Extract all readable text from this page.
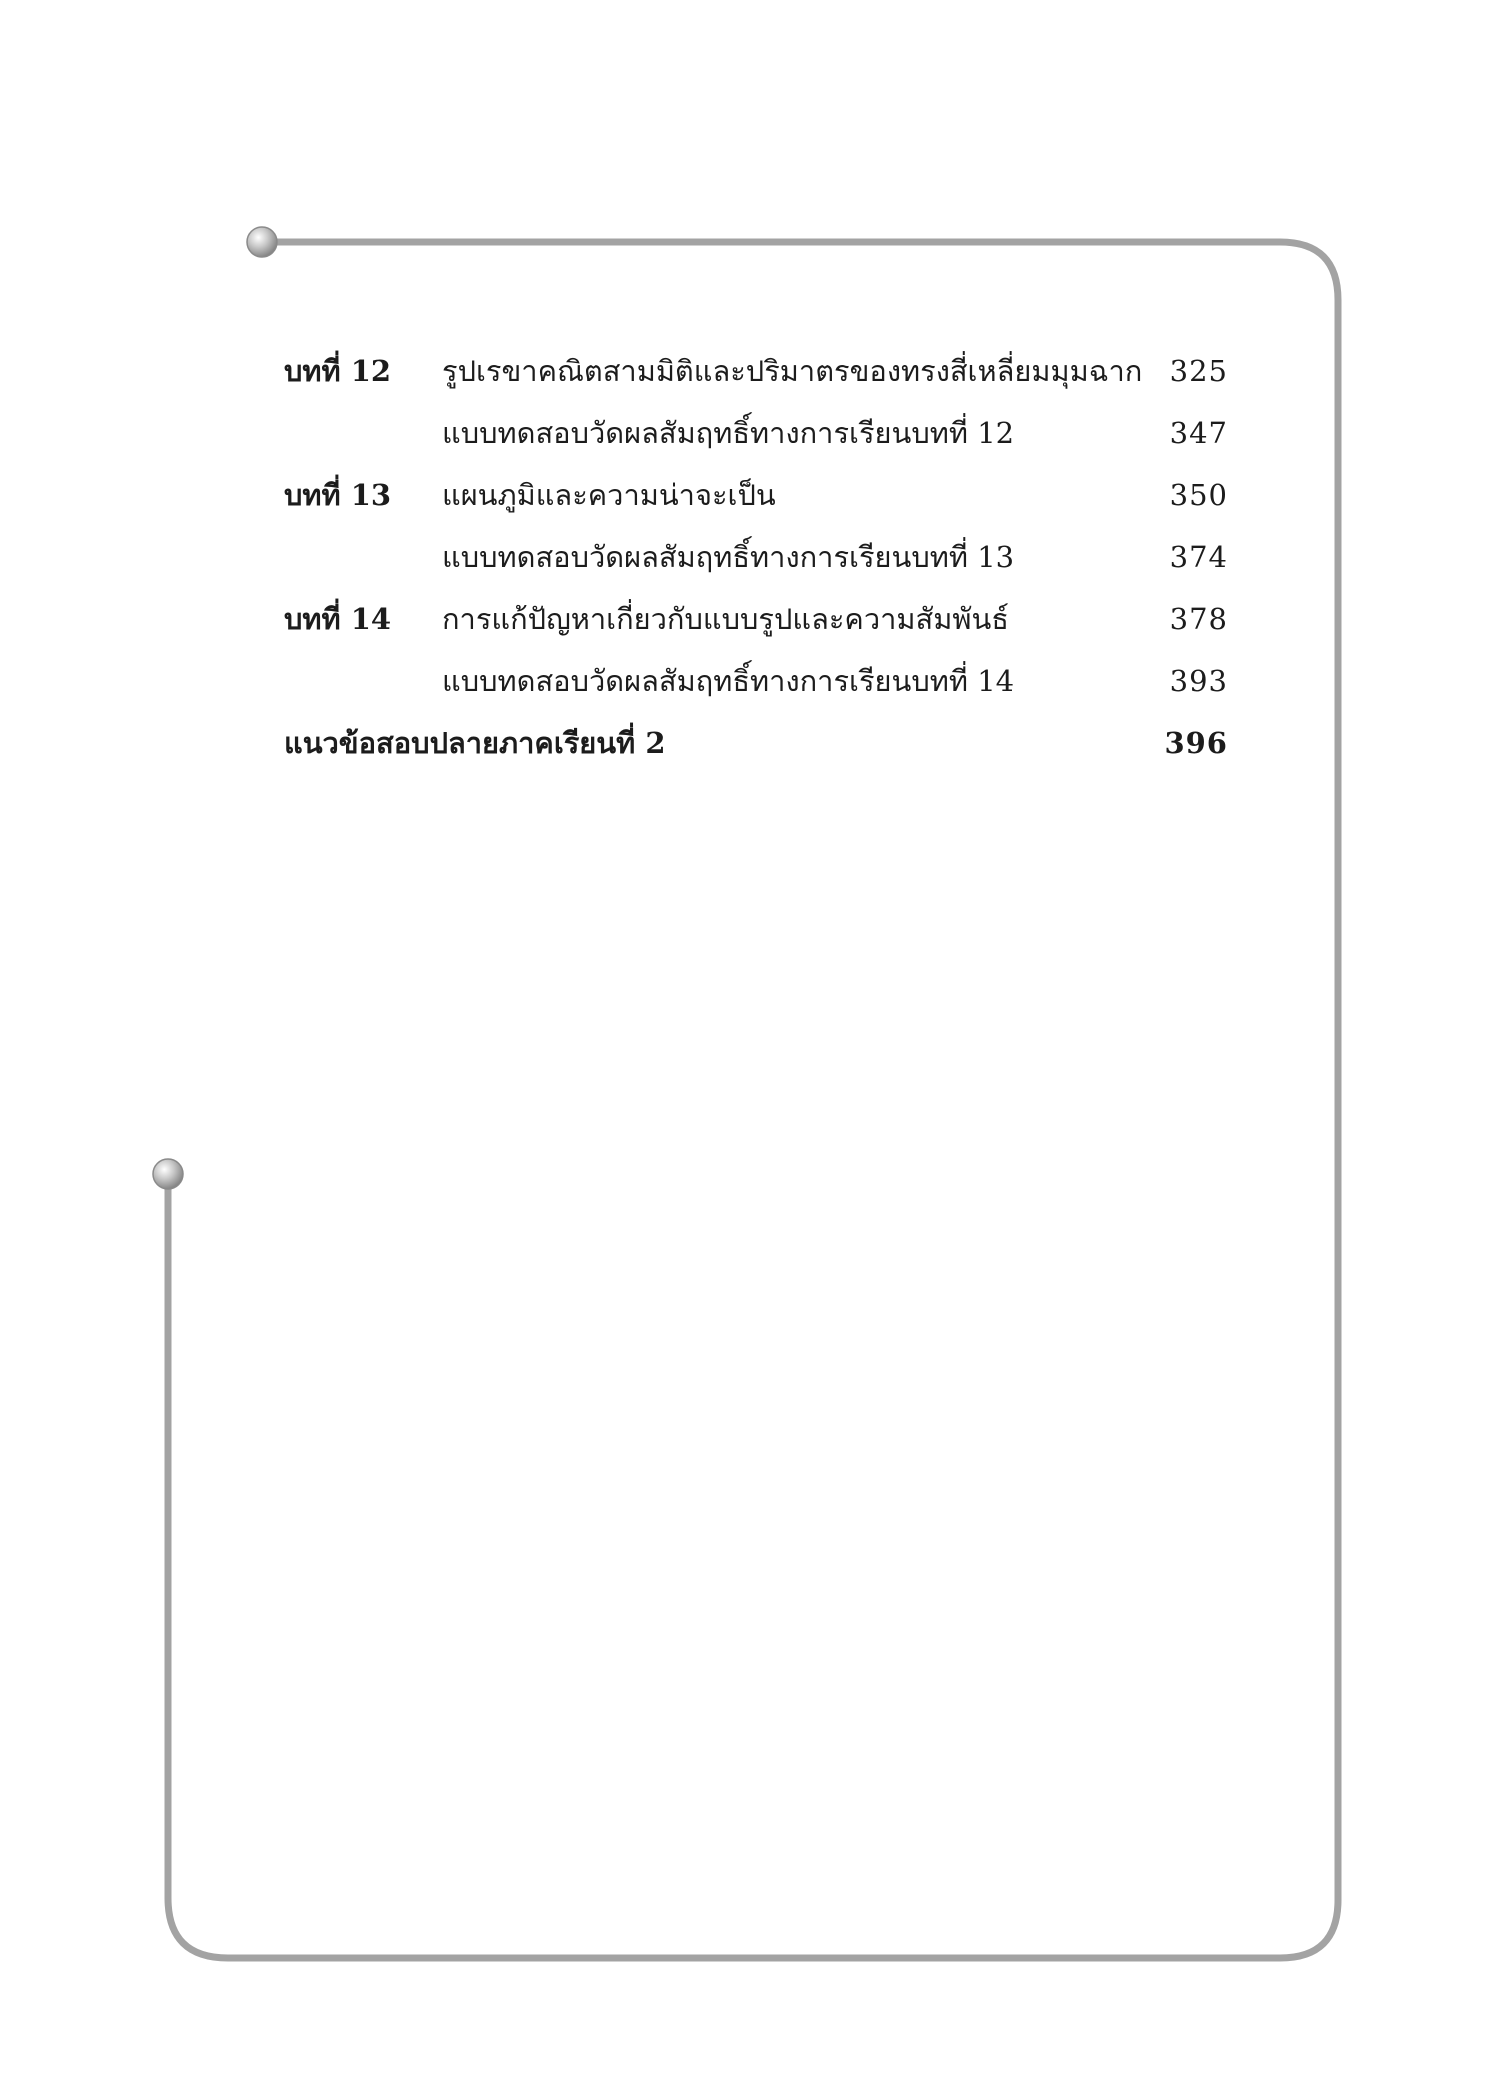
บทที่ 12 รูปเรขาคณิตสามมิติและปริมาตรของทรงสี่เหลี่ยมมุมฉาก 325
แบบทดสอบวัดผลสัมฤทธิ์ทางการเรียนบทที่ 12	347
บทที่ 13 แผนภูมิและความน่าจะเป็น	350
แบบทดสอบวัดผลสัมฤทธิ์ทางการเรียนบทที่ 13	374
บทที่ 14 การแก้ปัญหาเกี่ยวกับแบบรูปและความสัมพันธ์	378
แบบทดสอบวัดผลสัมฤทธิ์ทางการเรียนบทที่ 14	393
แนวข้อสอบปลายภาคเรียนที่ 2	396
